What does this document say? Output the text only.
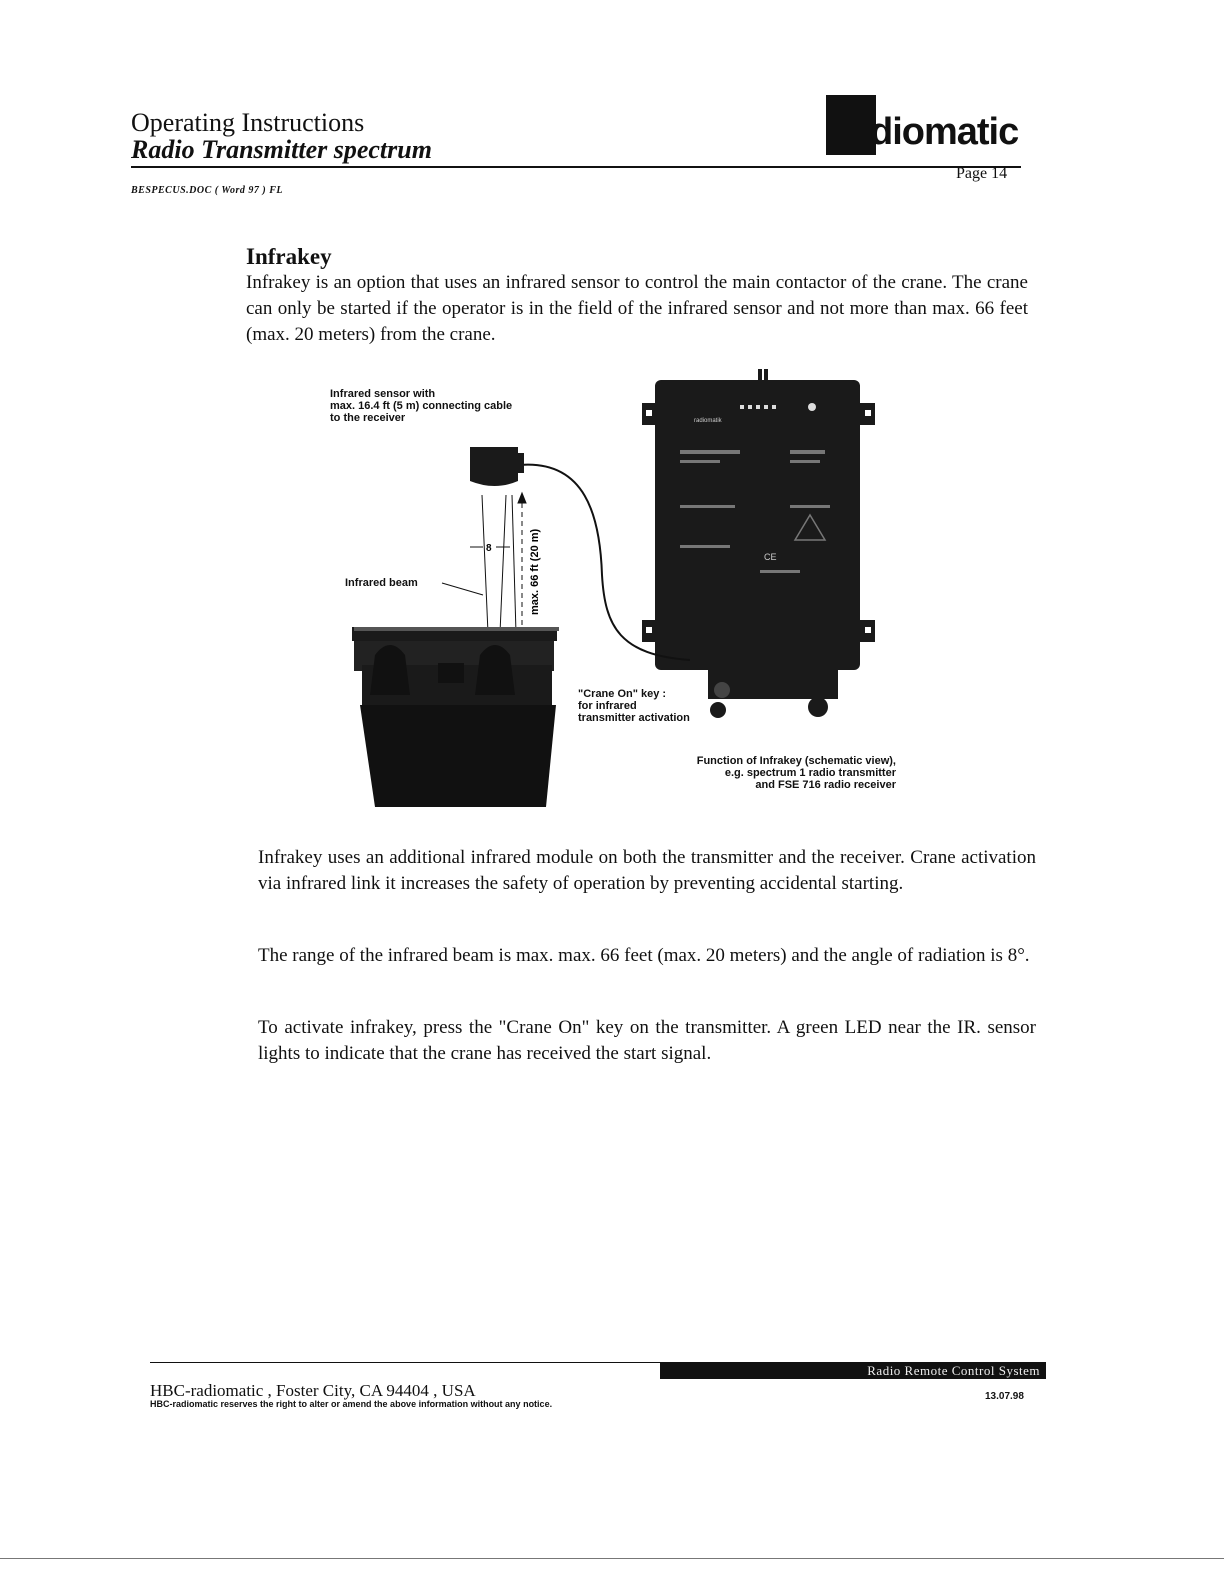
Operating Instructions
Radio Transmitter spectrum
BESPECUS.DOC ( Word 97 ) FL
Page 14
diomatic
Infrakey
Infrakey is an option that uses an infrared sensor to control the main contactor of the crane. The crane can only be started if the operator is in the field of the infrared sensor and not more than max. 66 feet (max. 20 meters) from the crane.
radiomatik
CE
8	max. 66 ft (20 m)
Infrared sensor with
max. 16.4 ft (5 m) connecting cable
to the receiver
Infrared beam
"Crane On" key :
for infrared
transmitter activation
Function of Infrakey (schematic view),
e.g. spectrum 1 radio transmitter
and FSE 716 radio receiver
Infrakey uses an additional infrared module on both the transmitter and the receiver. Crane activation via infrared link it increases the safety of operation by preventing accidental starting.
The range of the infrared beam is max. max. 66 feet (max. 20 meters) and the angle of radiation is 8°.
To activate infrakey, press the "Crane On" key on the transmitter. A green LED near the IR. sensor lights to indicate that the crane has received the start signal.
Radio Remote Control System
HBC-radiomatic , Foster City, CA 94404 , USA	13.07.98
HBC-radiomatic reserves the right to alter or amend the above information without any notice.
